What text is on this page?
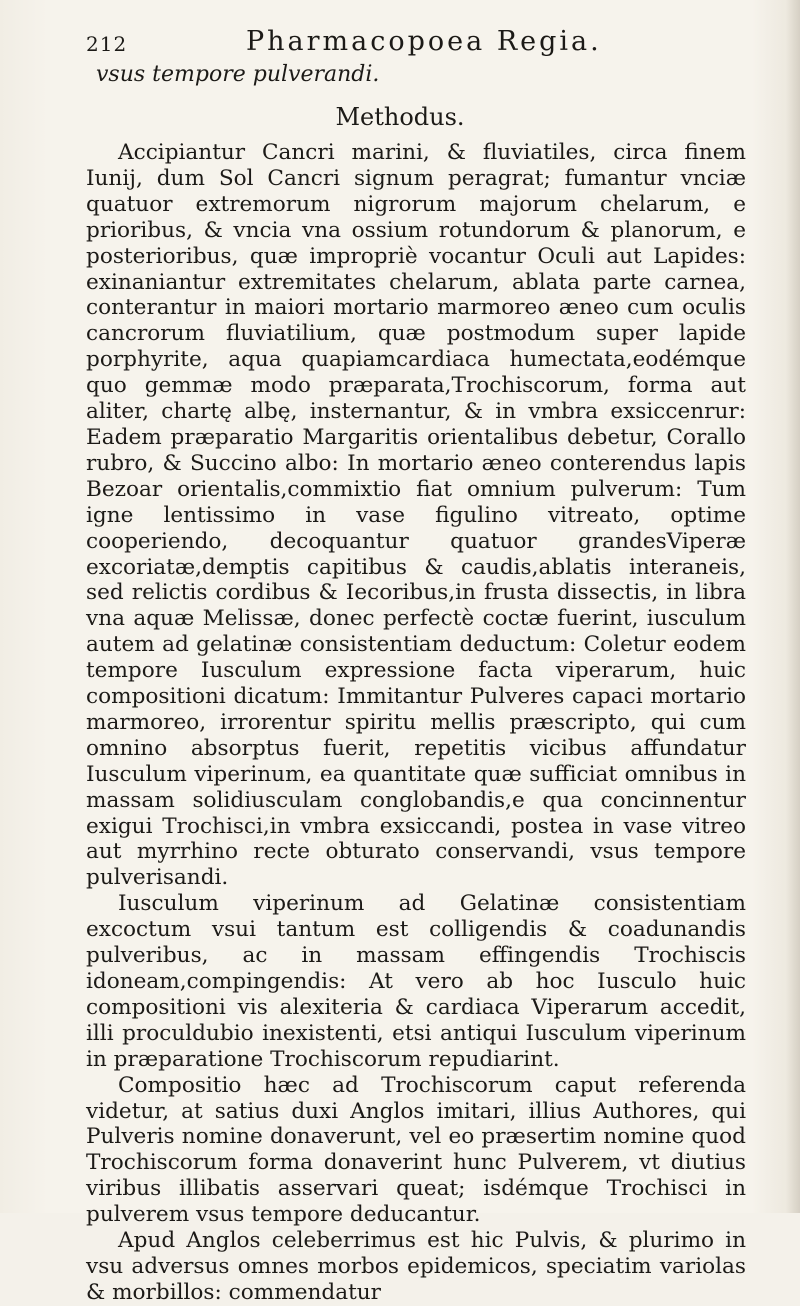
212	Pharmacopoea Regia.
vsus tempore pulverandi.
Methodus.

Accipiantur Cancri marini, & fluviatiles, circa finem Iunij, dum Sol Cancri signum peragrat; fumantur vnciæ quatuor extremorum nigrorum majorum chelarum, e prioribus, & vncia vna ossium rotundorum & planorum, e posterioribus, quæ impropriè vocantur Oculi aut Lapides: exinaniantur extremitates chelarum, ablata parte carnea, conterantur in maiori mortario marmoreo æneo cum oculis cancrorum fluviatilium, quæ postmodum super lapide porphyrite, aqua quapiamcardiaca humectata,eodémque quo gemmæ modo præparata,Trochiscorum, forma aut aliter, chartę albę, insternantur, & in vmbra exsiccenrur: Eadem præparatio Margaritis orientalibus debetur, Corallo rubro, & Succino albo: In mortario æneo conterendus lapis Bezoar orientalis,commixtio fiat omnium pulverum: Tum igne lentissimo in vase figulino vitreato, optime cooperiendo, decoquantur quatuor grandesViperæ excoriatæ,demptis capitibus & caudis,ablatis interaneis, sed relictis cordibus & Iecoribus,in frusta dissectis, in libra vna aquæ Melissæ, donec perfectè coctæ fuerint, iusculum autem ad gelatinæ consistentiam deductum: Coletur eodem tempore Iusculum expressione facta viperarum, huic compositioni dicatum: Immitantur Pulveres capaci mortario marmoreo, irrorentur spiritu mellis præscripto, qui cum omnino absorptus fuerit, repetitis vicibus affundatur Iusculum viperinum, ea quantitate quæ sufficiat omnibus in massam solidiusculam conglobandis,e qua concinnentur exigui Trochisci,in vmbra exsiccandi, postea in vase vitreo aut myrrhino recte obturato conservandi, vsus tempore pulverisandi.

Iusculum viperinum ad Gelatinæ consistentiam excoctum vsui tantum est colligendis & coadunandis pulveribus, ac in massam effingendis Trochiscis idoneam,compingendis: At vero ab hoc Iusculo huic compositioni vis alexiteria & cardiaca Viperarum accedit, illi proculdubio inexistenti, etsi antiqui Iusculum viperinum in præparatione Trochiscorum repudiarint.

Compositio hæc ad Trochiscorum caput referenda videtur, at satius duxi Anglos imitari, illius Authores, qui Pulveris nomine donaverunt, vel eo præsertim nomine quod Trochiscorum forma donaverint hunc Pulverem, vt diutius viribus illibatis asservari queat; isdémque Trochisci in pulverem vsus tempore deducantur.

Apud Anglos celeberrimus est hic Pulvis, & plurimo in vsu adversus omnes morbos epidemicos, speciatim variolas & morbillos: commendatur
